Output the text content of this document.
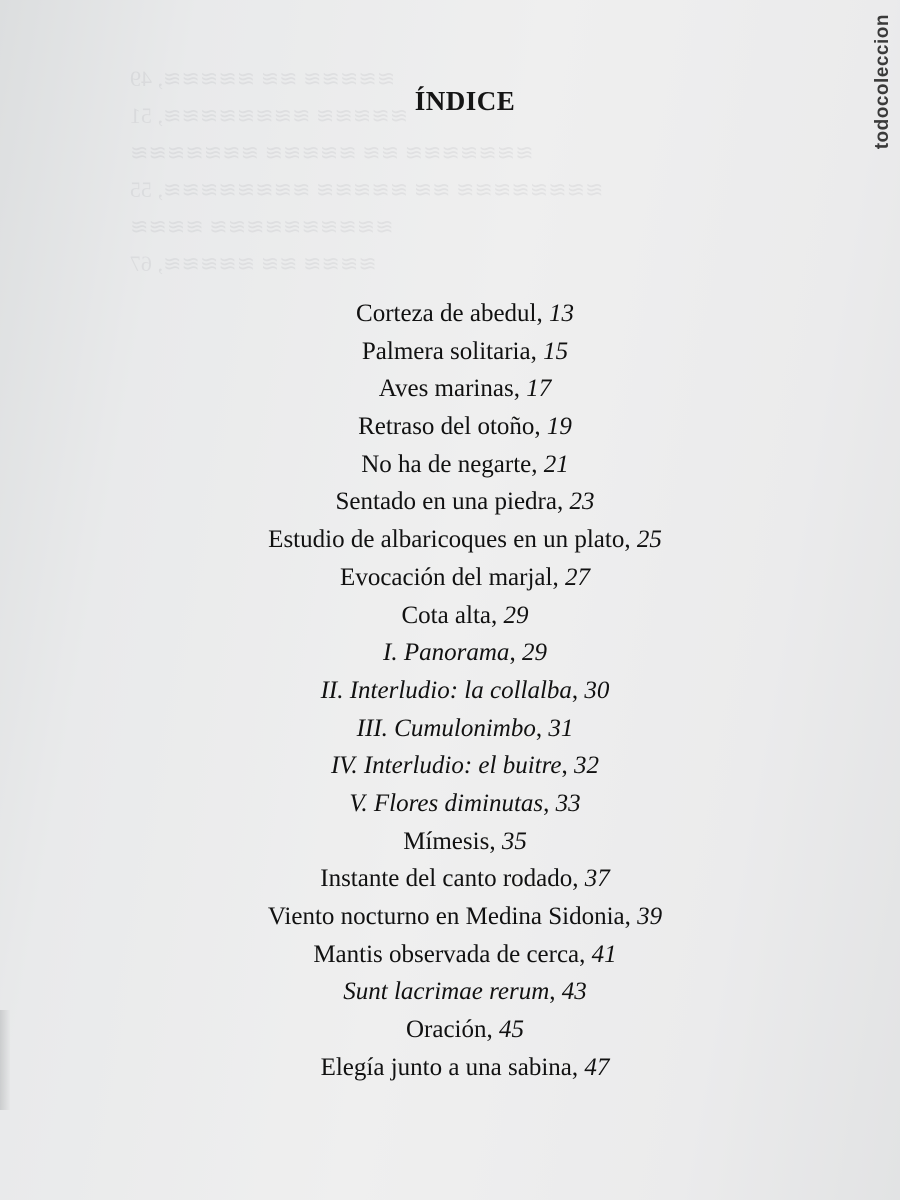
≋≋≋≋≋ ≋≋ ≋≋≋≋≋, 49
≋≋≋≋≋ ≋≋≋≋≋≋≋≋, 51
≋≋≋≋≋≋≋ ≋≋ ≋≋≋≋≋ ≋≋≋≋≋≋≋
≋≋≋≋≋≋≋≋ ≋≋ ≋≋≋≋≋ ≋≋≋≋≋≋≋≋, 55
≋≋≋≋≋≋≋≋≋≋ ≋≋≋≋
≋≋≋≋ ≋≋ ≋≋≋≋≋, 67
todocoleccion
ÍNDICE
Corteza de abedul, 13
Palmera solitaria, 15
Aves marinas, 17
Retraso del otoño, 19
No ha de negarte, 21
Sentado en una piedra, 23
Estudio de albaricoques en un plato, 25
Evocación del marjal, 27
Cota alta, 29
I. Panorama, 29
II. Interludio: la collalba, 30
III. Cumulonimbo, 31
IV. Interludio: el buitre, 32
V. Flores diminutas, 33
Mímesis, 35
Instante del canto rodado, 37
Viento nocturno en Medina Sidonia, 39
Mantis observada de cerca, 41
Sunt lacrimae rerum, 43
Oración, 45
Elegía junto a una sabina, 47
